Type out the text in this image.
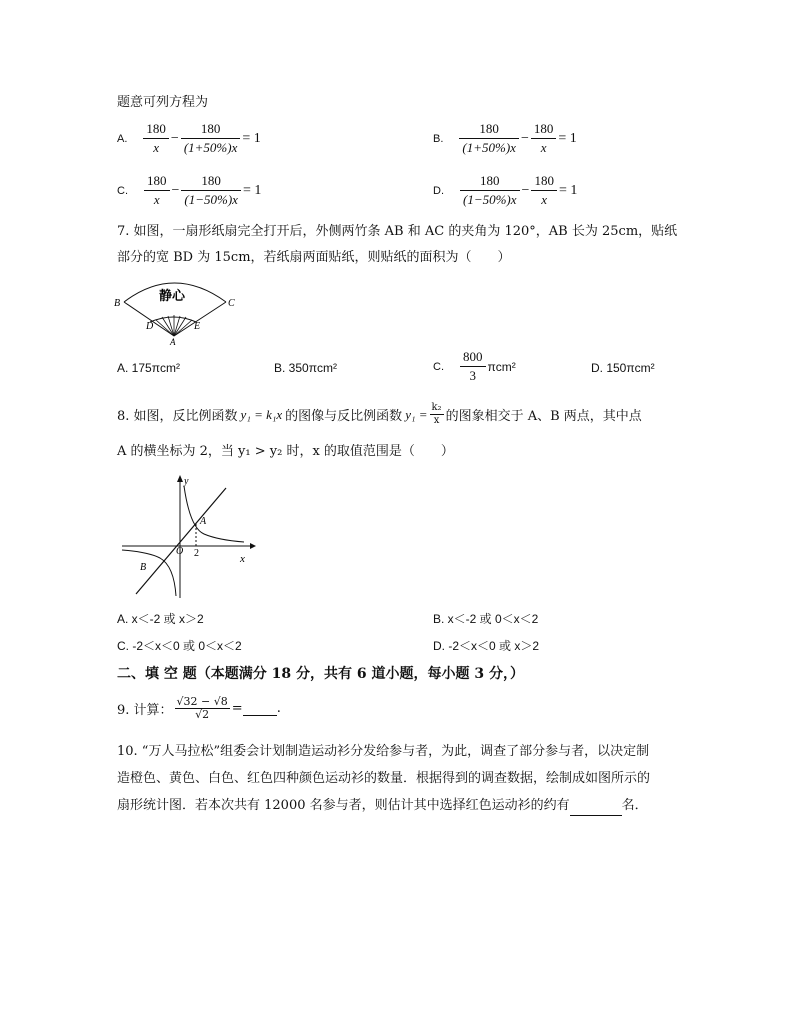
题意可列方程为
A. $\frac{180}{x} - \frac{180}{(1+50\%)x} = 1$	B. $\frac{180}{(1+50\%)x} - \frac{180}{x} = 1$
C. $\frac{180}{x} - \frac{180}{(1-50\%)x} = 1$	D. $\frac{180}{(1-50\%)x} - \frac{180}{x} = 1$
7. 如图，一扇形纸扇完全打开后，外侧两竹条 AB 和 AC 的夹角为 120°，AB 长为 25cm，贴纸
部分的宽 BD 为 15cm，若纸扇两面贴纸，则贴纸的面积为（　　）
静心
B	C
D	E
A
A. 175πcm²	B. 350πcm²	C. $\frac{800}{3} \pi cm^2$	D. 150πcm²
8. 如图，反比例函数 y₁ = k₁x 的图像与反比例函数 $y_1 = \frac{\text{k₂}}{x}$ 的图象相交于 A、B 两点，其中点
A 的横坐标为 2，当 y₁ > y₂ 时，x 的取值范围是（　　）
y
x
O
A
B
2
A. x＜-2 或 x＞2	B. x＜-2 或 0＜x＜2
C. -2＜x＜0 或 0＜x＜2	D. -2＜x＜0 或 x＞2
二、填 空 题（本题满分 18 分，共有 6 道小题，每小题 3 分，）
9. 计算： $\frac{√32 - √8}{√2}$ =	.
10. “万人马拉松”组委会计划制造运动衫分发给参与者，为此，调查了部分参与者，以决定制
造橙色、黄色、白色、红色四种颜色运动衫的数量．根据得到的调查数据，绘制成如图所示的
扇形统计图．若本次共有 12000 名参与者，则估计其中选择红色运动衫的约有	名．
